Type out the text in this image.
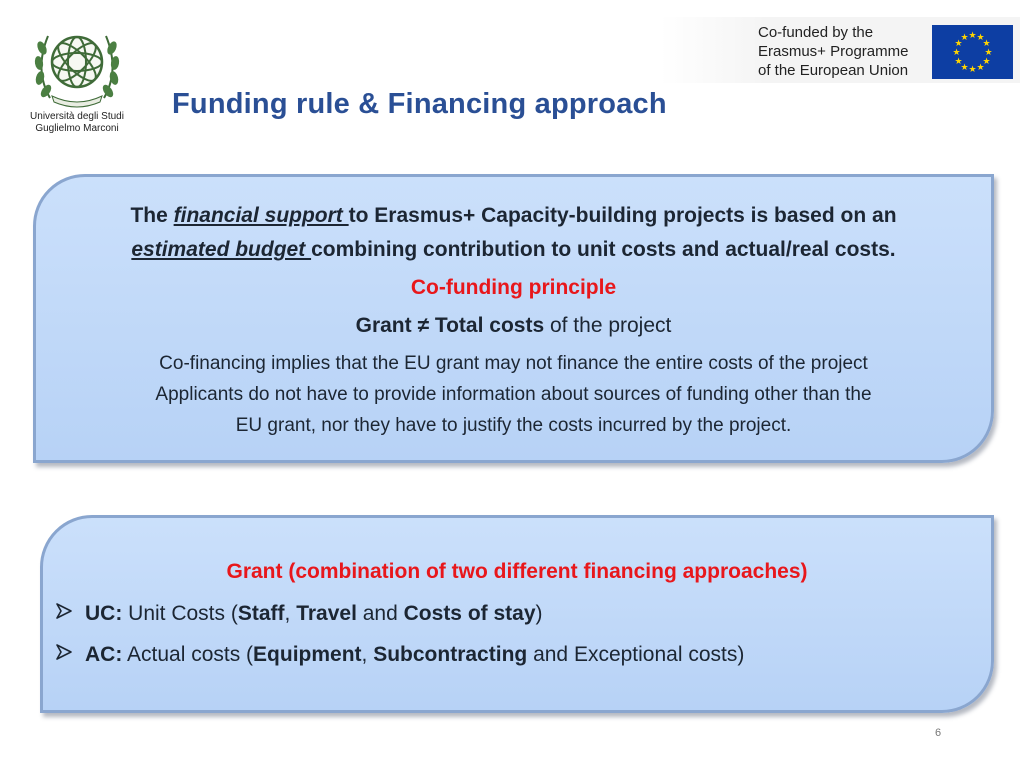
Università degli Studi
Guglielmo Marconi
Co-funded by the
Erasmus+ Programme
of the European Union
★ ★
★
★
★
★
★
★
★
★
★
★
Funding rule & Financing approach
The financial support to Erasmus+ Capacity-building projects is based on an
estimated budget combining contribution to unit costs and actual/real costs.
Co-funding principle
Grant ≠ Total costs of the project
Co-financing implies that the EU grant may not finance the entire costs of the project
Applicants do not have to provide information about sources of funding other than the
EU grant, nor they have to justify the costs incurred by the project.
Grant (combination of two different financing approaches)
UC: Unit Costs (Staff, Travel and Costs of stay)
AC: Actual costs (Equipment, Subcontracting and Exceptional costs)
6
